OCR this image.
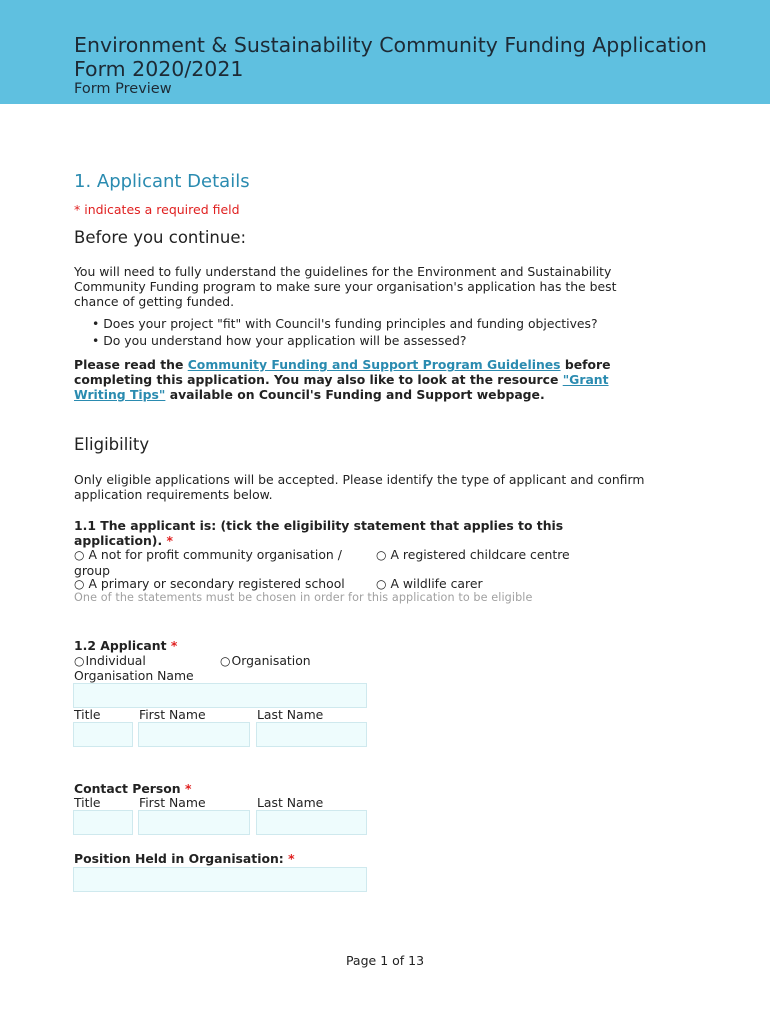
Environment & Sustainability Community Funding Application Form 2020/2021
Form Preview
1. Applicant Details
* indicates a required field
Before you continue:
You will need to fully understand the guidelines for the Environment and Sustainability Community Funding program to make sure your organisation's application has the best chance of getting funded.
• Does your project "fit" with Council's funding principles and funding objectives?
• Do you understand how your application will be assessed?
Please read the Community Funding and Support Program Guidelines before completing this application. You may also like to look at the resource "Grant Writing Tips" available on Council's Funding and Support webpage.
Eligibility
Only eligible applications will be accepted. Please identify the type of applicant and confirm application requirements below.
1.1 The applicant is: (tick the eligibility statement that applies to this application). *
○ A not for profit community organisation / group
○ A registered childcare centre
○ A primary or secondary registered school	○ A wildlife carer
One of the statements must be chosen in order for this application to be eligible
1.2 Applicant *
○Individual	○Organisation
Organisation Name
Title	First Name	Last Name
Contact Person *
Title	First Name	Last Name
Position Held in Organisation: *
Page 1 of 13
